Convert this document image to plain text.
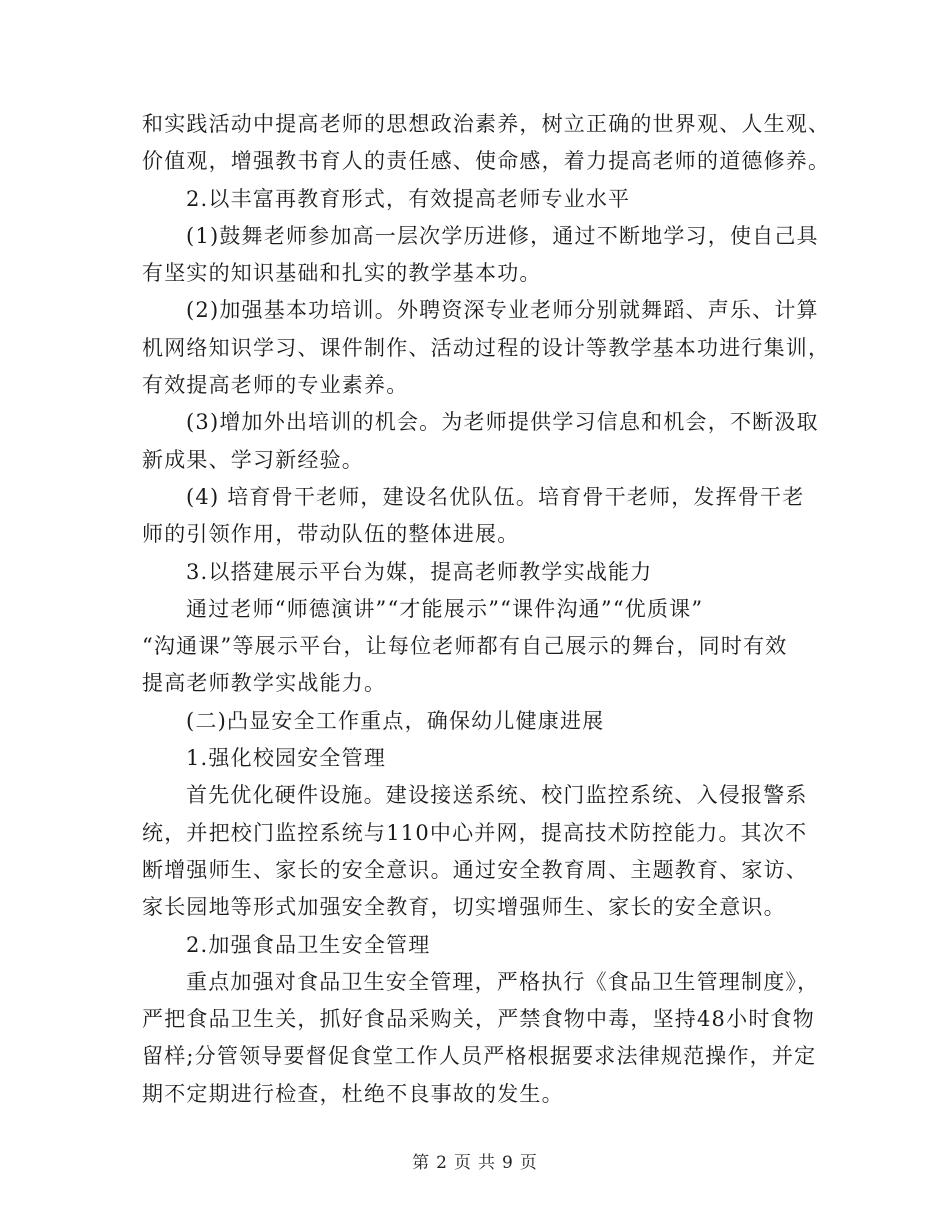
和实践活动中提高老师的思想政治素养，树立正确的世界观、人生观、
价值观，增强教书育人的责任感、使命感，着力提高老师的道德修养。
2.以丰富再教育形式，有效提高老师专业水平
(1)鼓舞老师参加高一层次学历进修，通过不断地学习，使自己具
有坚实的知识基础和扎实的教学基本功。
(2)加强基本功培训。外聘资深专业老师分别就舞蹈、声乐、计算
机网络知识学习、课件制作、活动过程的设计等教学基本功进行集训，
有效提高老师的专业素养。
(3)增加外出培训的机会。为老师提供学习信息和机会，不断汲取
新成果、学习新经验。
(4) 培育骨干老师，建设名优队伍。培育骨干老师，发挥骨干老
师的引领作用，带动队伍的整体进展。
3.以搭建展示平台为媒，提高老师教学实战能力
通过老师“师德演讲”“才能展示”“课件沟通”“优质课”
“沟通课”等展示平台，让每位老师都有自己展示的舞台，同时有效
提高老师教学实战能力。
(二)凸显安全工作重点，确保幼儿健康进展
1.强化校园安全管理
首先优化硬件设施。建设接送系统、校门监控系统、入侵报警系
统，并把校门监控系统与110中心并网，提高技术防控能力。其次不
断增强师生、家长的安全意识。通过安全教育周、主题教育、家访、
家长园地等形式加强安全教育，切实增强师生、家长的安全意识。
2.加强食品卫生安全管理
重点加强对食品卫生安全管理，严格执行《食品卫生管理制度》，
严把食品卫生关，抓好食品采购关，严禁食物中毒，坚持48小时食物
留样;分管领导要督促食堂工作人员严格根据要求法律规范操作，并定
期不定期进行检查，杜绝不良事故的发生。
第 2 页 共 9 页
